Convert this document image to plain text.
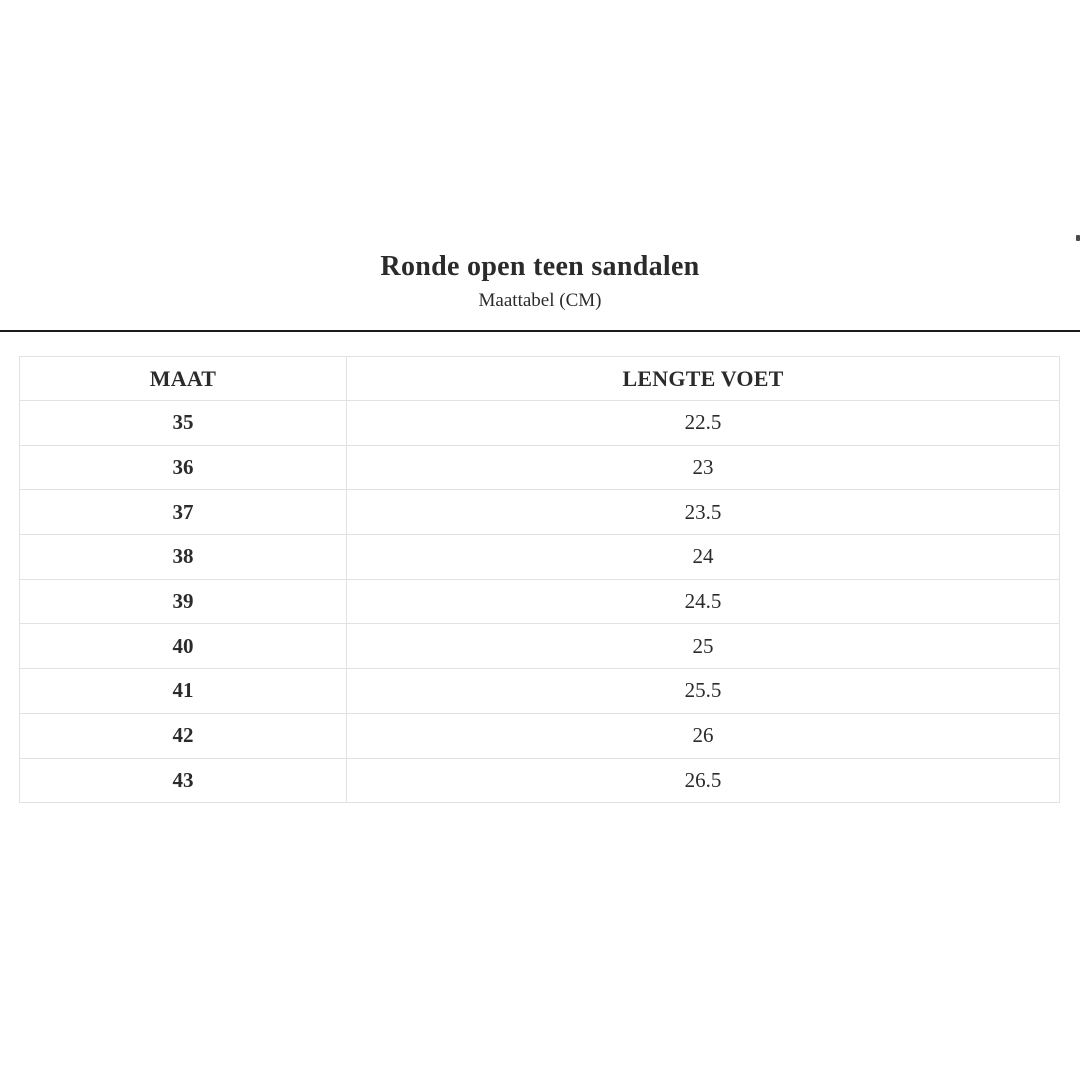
Ronde open teen sandalen
Maattabel (CM)
MAAT	LENGTE VOET
35	22.5
36	23
37	23.5
38	24
39	24.5
40	25
41	25.5
42	26
43	26.5
